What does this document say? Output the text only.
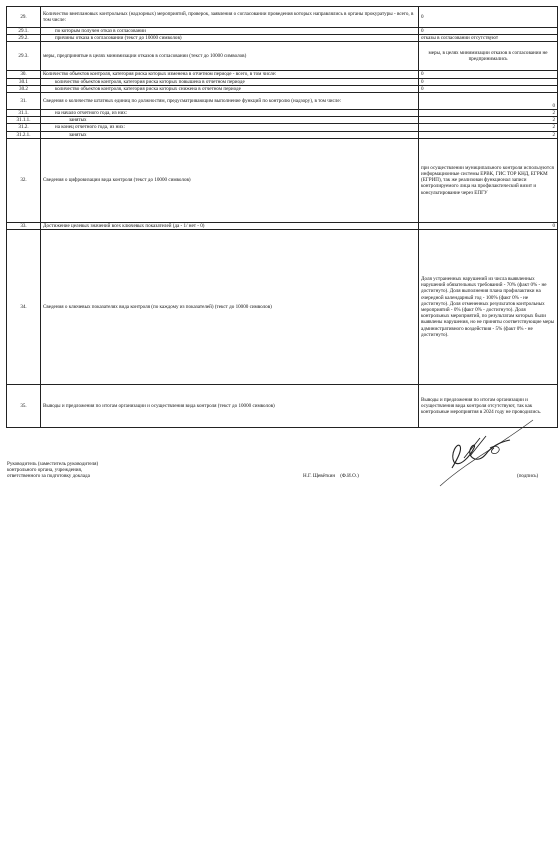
29.	Количество внеплановых контрольных (надзорных) мероприятий, проверок, заявления о согласовании проведения которых направлялись в органы прокуратуры - всего, в том числе:	0
29.1.	по которым получен отказ в согласовании	0
29.2.	причины отказа в согласовании (текст до 10000 символов)	отказы в согласовании отсутствуют
29.3.	меры, предпринятые в целях минимизации отказов в согласовании (текст до 10000 символов)	меры, в целях минимизации отказов в согласовании не предпринимались
30.	Количество объектов контроля, категория риска которых изменена в отчетном периоде - всего, в том числе:	0
30.1	количество объектов контроля, категория риска которых повышена в отчетном периоде	0
30.2	количество объектов контроля, категория риска которых снижена в отчетном периоде	0
31.	Сведения о количестве штатных единиц по должностям, предусматривающим выполнение функций по контролю (надзору), в том числе:	0
31.1.	на начало отчетного года, из них:	2
31.1.1.	занятых	2
31.2.	на конец отчетного года, из них:	2
31.2.1.	занятых	2
32.	Сведения о цифровизации вида контроля (текст до 10000 символов)	при осуществлении муниципального контроля используются информационные системы ЕРВК, ГИС ТОР КНД, ЕГРКМ (ЕГРИП), так же реализован функционал записи контролируемого лица на профилактический визит и консультирование через ЕПГУ
33.	Достижение целевых значений всех ключевых показателей (да - 1/ нет - 0)	0
34.	Сведения о ключевых показателях вида контроля (по каждому из показателей) (текст до 10000 символов)	Доля устраненных нарушений из числа выявленных нарушений обязательных требований - 70% (факт 0% - не достигнуто). Доля выполнения плана профилактики на очередной календарный год - 100% (факт 0% - не достигнуто). Доля отмененных результатов контрольных мероприятий - 0% (факт 0% - достигнуто). Доля контрольных мероприятий, по результатам которых были выявлены нарушения, но не приняты соответствующие меры административного воздействия - 5% (факт 0% - не достигнуто).
35.	Выводы и предложения по итогам организации и осуществления вида контроля (текст до 10000 символов)	Выводы и предложения по итогам организации и осуществления вида контроля отсутствуют, так как контрольные мероприятия в 2024 году не проводились.
Руководитель (заместитель руководителя)
контрольного органа, учреждения,
ответственного за подготовку доклада	Н.Г. Щевёткин (Ф.И.О.)	(подпись)
